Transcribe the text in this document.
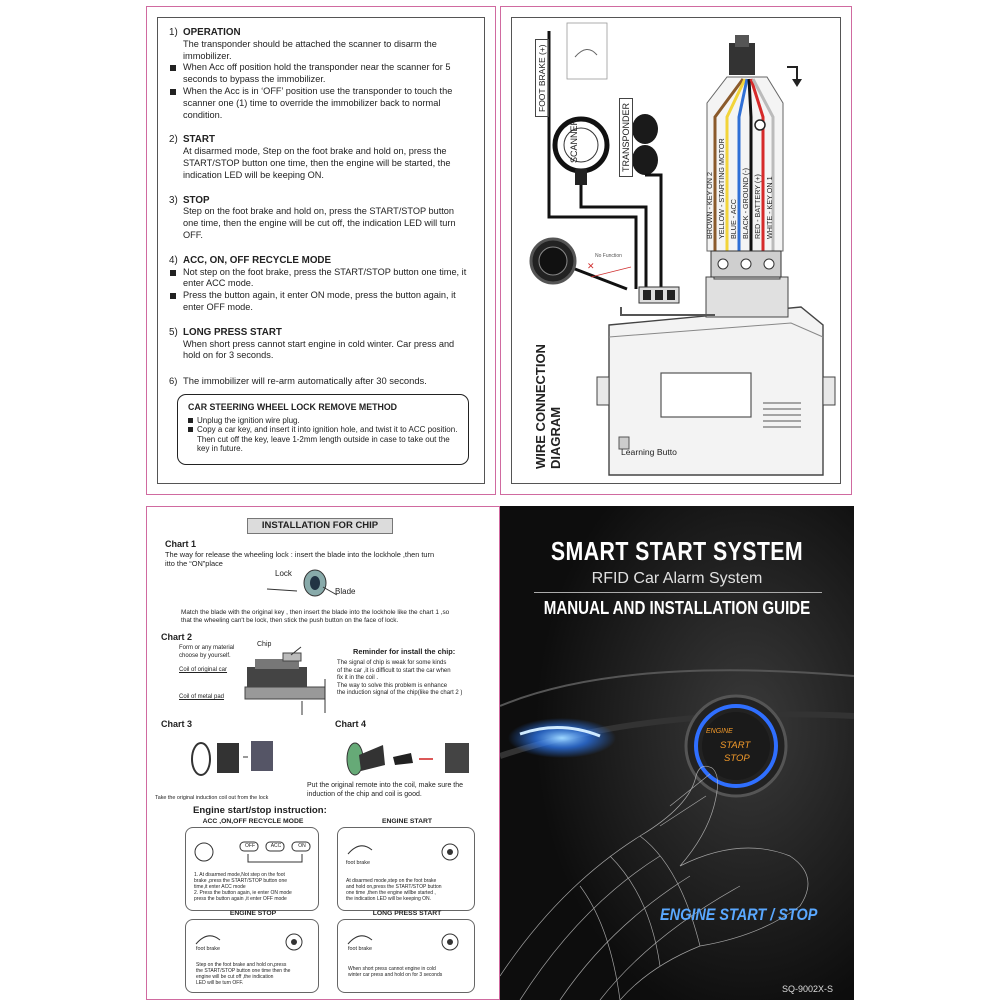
1) OPERATION
The transponder should be attached the scanner to disarm the immobilizer.
When Acc off position hold the transponder near the scanner for 5 seconds to bypass the immobilizer.
When the Acc is in ‘OFF’ position use the transponder to touch the scanner one (1) time to override the immobilizer back to normal condition.
2) START
At disarmed mode, Step on the foot brake and hold on, press the START/STOP button one time, then the engine will be started, the indication LED will be keeping ON.
3) STOP
Step on the foot brake and hold on, press the START/STOP button one time, then the engine will be cut off, the indication LED will turn OFF.
4) ACC, ON, OFF RECYCLE MODE
Not step on the foot brake, press the START/STOP button one time, it enter ACC mode.
Press the button again, it enter ON mode, press the button again, it enter OFF mode.
5) LONG PRESS START
When short press cannot start engine in cold winter. Car press and hold on for 3 seconds.
6) The immobilizer will re-arm automatically after 30 seconds.
CAR STEERING WHEEL LOCK REMOVE METHOD
Unplug the ignition wire plug.
Copy a car key, and insert it into ignition hole, and twist it to ACC position. Then cut off the key, leave 1-2mm length outside in case to take out the key in future.
✕
FOOT BRAKE (+)
SCANNER	TRANSPONDER
No Function
WIRE CONNECTION DIAGRAM	Learning Butto
BROWN - KEY ON 2 YELLOW - STARTING MOTOR BLUE - ACC BLACK - GROUND (-) RED - BATTERY (+) WHITE - KEY ON 1
INSTALLATION FOR CHIP
Chart 1
The way for release the wheeling lock : insert the blade into the lockhole ,then turn
itto the “ON”place
Lock
Blade
Match the blade with the original key , then insert the blade into the lockhole like the chart 1 ,so
that the wheeling can't be lock, then stick the push button on the face of lock.
Chart 2
Chip
Form or any material
choose by yourself.
Coil of original car
Coil of metal pad
Reminder for install the chip:
The signal of chip is weak for some kinds
of the car ,it is difficult to start the car when
fix it in the coil .
The way to solve this problem is enhance
the induction signal of the chip(like the chart 2 )
Chart 3	Chart 4
Take the original induction coil out from the lock
Put the original remote into the coil, make sure the
induction of the chip and coil is good.
Engine start/stop instruction:
ACC ,ON,OFF RECYCLE MODE
OFF	ACC	ON
1. At disarmed mode,Not step on the foot
brake ,press the START/STOP button one
time,it enter ACC mode
2. Press the button again, ie enter ON mode
press the button again ,it enter OFF mode
ENGINE START
foot brake
At disarmed mode,step on the foot brake
and hold on,press the START/STOP button
one time ,then the engine willbe started ,
the indication LED will be keeping ON.
ENGINE STOP
foot brake
Step on the foot brake and hold on,press
the START/STOP button one time then the
engine will be cut off ,the indication
LED will be turn OFF.
LONG PRESS START
foot brake
When short press cannot engine in cold
winter car press and hold on for 3 seconds
SMART START SYSTEM
RFID Car Alarm System
MANUAL AND INSTALLATION GUIDE
ENGINE
START
STOP
ENGINE START / STOP
SQ-9002X-S
